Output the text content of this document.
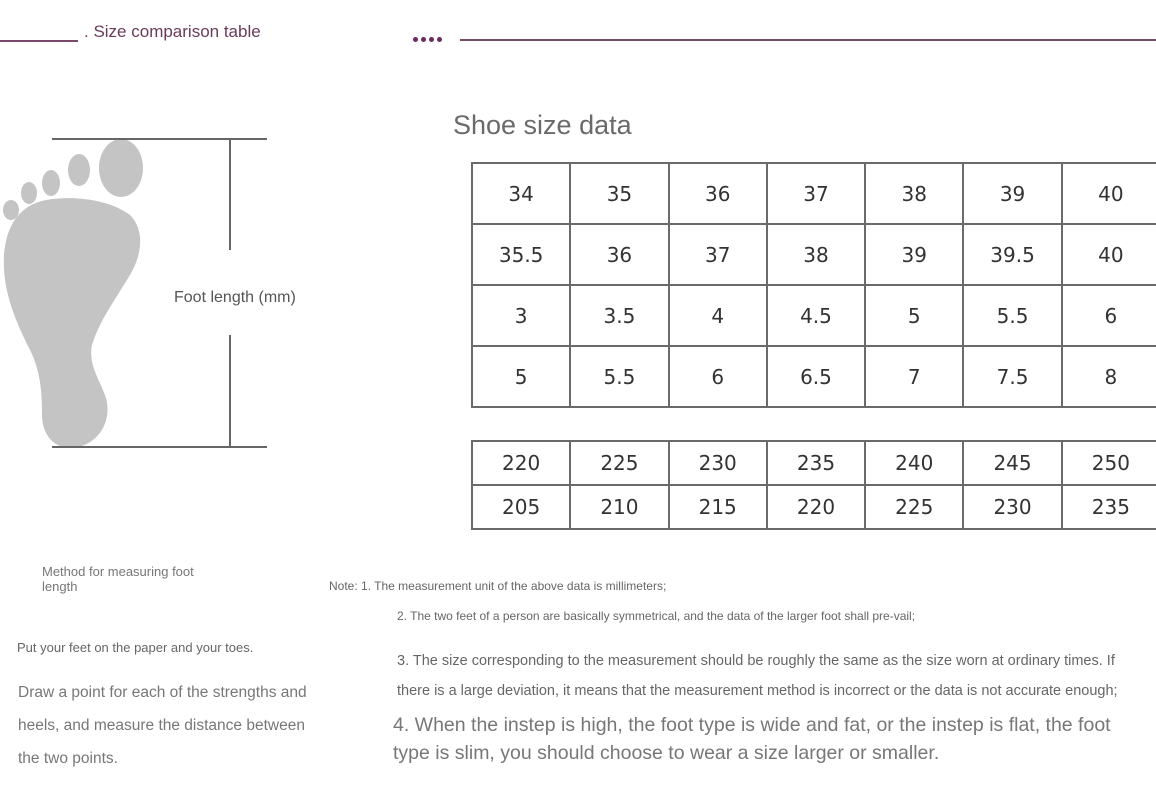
. Size comparison table
Foot length (mm)
Method for measuring foot length
Put your feet on the paper and your toes.
Draw a point for each of the strengths and heels, and measure the distance between the two points.
Shoe size data
34	35	36	37	38	39	40
35.5	36	37	38	39	39.5	40
3	3.5	4	4.5	5	5.5	6
5	5.5	6	6.5	7	7.5	8
220	225	230	235	240	245	250
205	210	215	220	225	230	235
Note: 1. The measurement unit of the above data is millimeters;
2. The two feet of a person are basically symmetrical, and the data of the larger foot shall pre-vail;
3. The size corresponding to the measurement should be roughly the same as the size worn at ordinary times. If there is a large deviation, it means that the measurement method is incorrect or the data is not accurate enough;
4. When the instep is high, the foot type is wide and fat, or the instep is flat, the foot type is slim, you should choose to wear a size larger or smaller.
